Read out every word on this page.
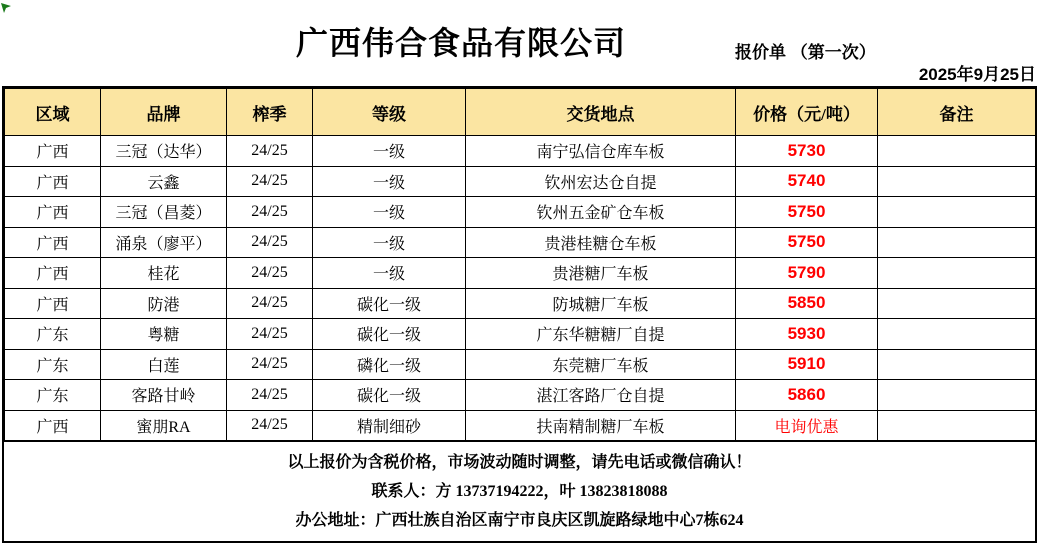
广西伟合食品有限公司	报价单 （第一次）
2025年9月25日
区域	品牌	榨季	等级	交货地点	价格（元/吨）	备注
广西	三冠（达华）	24/25	一级	南宁弘信仓库车板	5730	
广西	云鑫	24/25	一级	钦州宏达仓自提	5740	
广西	三冠（昌菱）	24/25	一级	钦州五金矿仓车板	5750	
广西	涌泉（廖平）	24/25	一级	贵港桂糖仓车板	5750	
广西	桂花	24/25	一级	贵港糖厂车板	5790	
广西	防港	24/25	碳化一级	防城糖厂车板	5850	
广东	粤糖	24/25	碳化一级	广东华糖糖厂自提	5930	
广东	白莲	24/25	磷化一级	东莞糖厂车板	5910	
广东	客路甘岭	24/25	碳化一级	湛江客路厂仓自提	5860	
广西	蜜朋RA	24/25	精制细砂	扶南精制糖厂车板	电询优惠	
以上报价为含税价格，市场波动随时调整，请先电话或微信确认！
联系人：方 13737194222，叶 13823818088
办公地址：广西壮族自治区南宁市良庆区凯旋路绿地中心7栋624
